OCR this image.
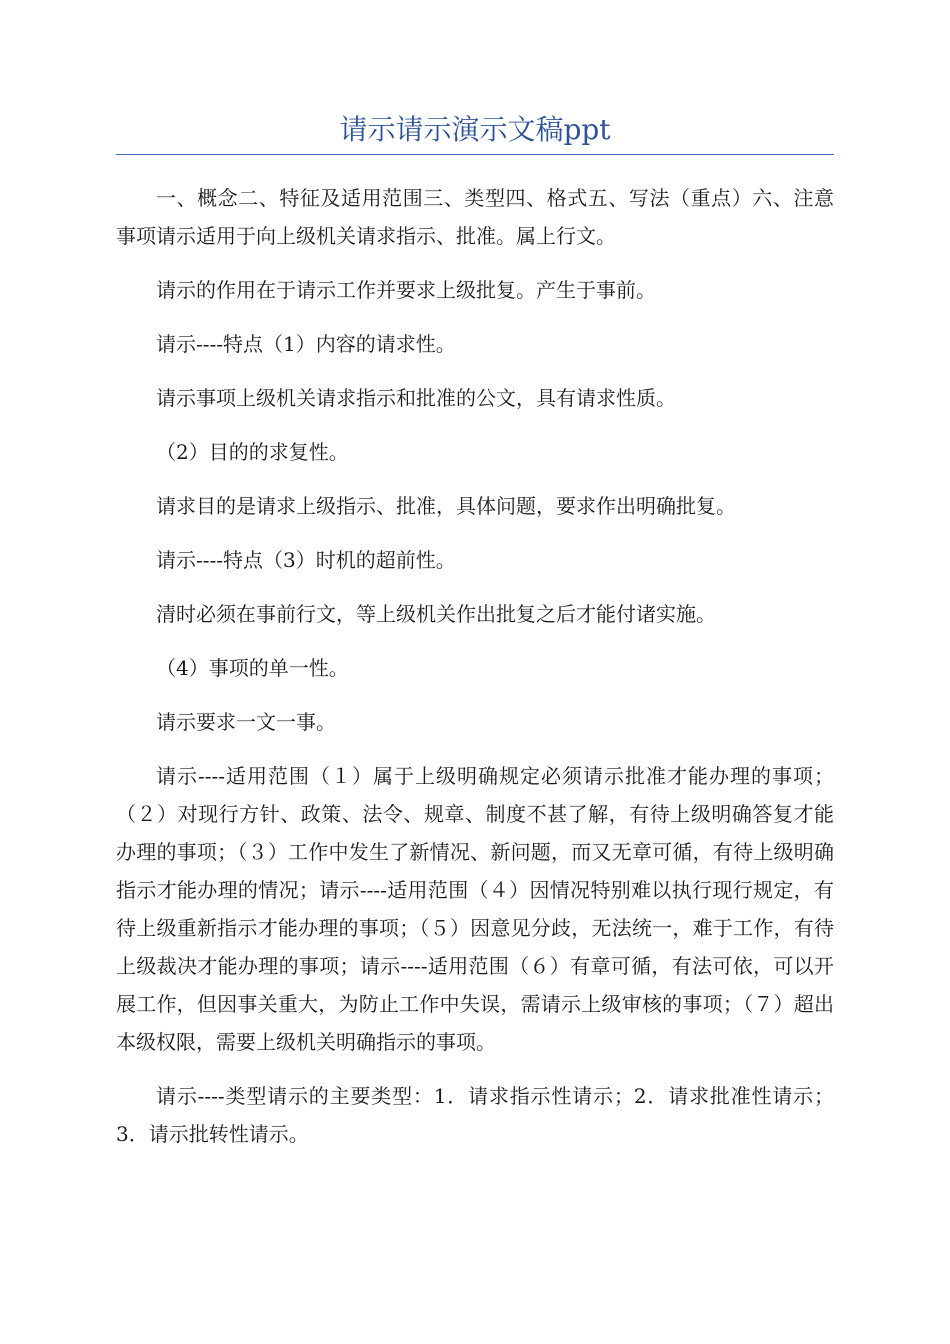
请示请示演示文稿ppt

一、概念二、特征及适用范围三、类型四、格式五、写法（重点）六、注意事项请示适用于向上级机关请求指示、批准。属上行文。

请示的作用在于请示工作并要求上级批复。产生于事前。

请示----特点（1）内容的请求性。

请示事项上级机关请求指示和批准的公文，具有请求性质。

（2）目的的求复性。

请求目的是请求上级指示、批准，具体问题，要求作出明确批复。

请示----特点（3）时机的超前性。

清时必须在事前行文，等上级机关作出批复之后才能付诸实施。

（4）事项的单一性。

请示要求一文一事。

请示----适用范围（１）属于上级明确规定必须请示批准才能办理的事项；（２）对现行方针、政策、法令、规章、制度不甚了解，有待上级明确答复才能办理的事项；（３）工作中发生了新情况、新问题，而又无章可循，有待上级明确指示才能办理的情况；请示----适用范围（４）因情况特别难以执行现行规定，有待上级重新指示才能办理的事项；（５）因意见分歧，无法统一，难于工作，有待上级裁决才能办理的事项；请示----适用范围（６）有章可循，有法可依，可以开展工作，但因事关重大，为防止工作中失误，需请示上级审核的事项；（７）超出本级权限，需要上级机关明确指示的事项。

请示----类型请示的主要类型：1．请求指示性请示；2．请求批准性请示；3．请示批转性请示。
